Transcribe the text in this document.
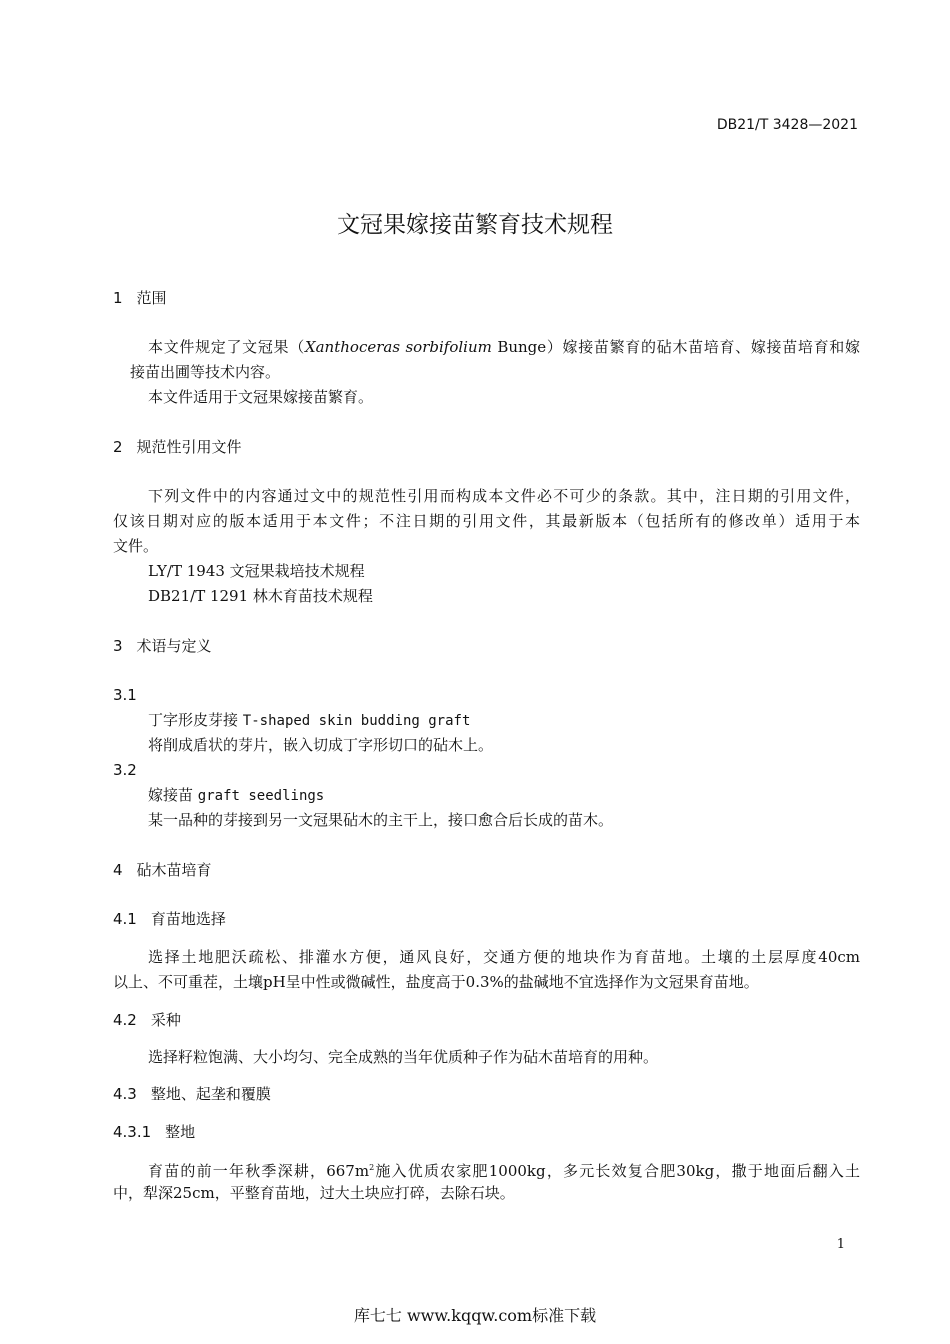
DB21/T 3428—2021
文冠果嫁接苗繁育技术规程
1 范围
本文件规定了文冠果（Xanthoceras sorbifolium Bunge）嫁接苗繁育的砧木苗培育、嫁接苗培育和嫁
接苗出圃等技术内容。
本文件适用于文冠果嫁接苗繁育。
2 规范性引用文件
下列文件中的内容通过文中的规范性引用而构成本文件必不可少的条款。其中，注日期的引用文件，
仅该日期对应的版本适用于本文件；不注日期的引用文件，其最新版本（包括所有的修改单）适用于本
文件。
LY/T 1943 文冠果栽培技术规程
DB21/T 1291 林木育苗技术规程
3 术语与定义
3.1
丁字形皮芽接 T-shaped skin budding graft
将削成盾状的芽片，嵌入切成丁字形切口的砧木上。
3.2
嫁接苗 graft seedlings
某一品种的芽接到另一文冠果砧木的主干上，接口愈合后长成的苗木。
4 砧木苗培育
4.1 育苗地选择
选择土地肥沃疏松、排灌水方便，通风良好，交通方便的地块作为育苗地。土壤的土层厚度40cm
以上、不可重茬，土壤pH呈中性或微碱性，盐度高于0.3%的盐碱地不宜选择作为文冠果育苗地。
4.2 采种
选择籽粒饱满、大小均匀、完全成熟的当年优质种子作为砧木苗培育的用种。
4.3 整地、起垄和覆膜
4.3.1 整地
育苗的前一年秋季深耕，$667m^2$施入优质农家肥1000kg，多元长效复合肥30kg，撒于地面后翻入土
中，犁深25cm，平整育苗地，过大土块应打碎，去除石块。
1
库七七 www.kqqw.com标准下载
